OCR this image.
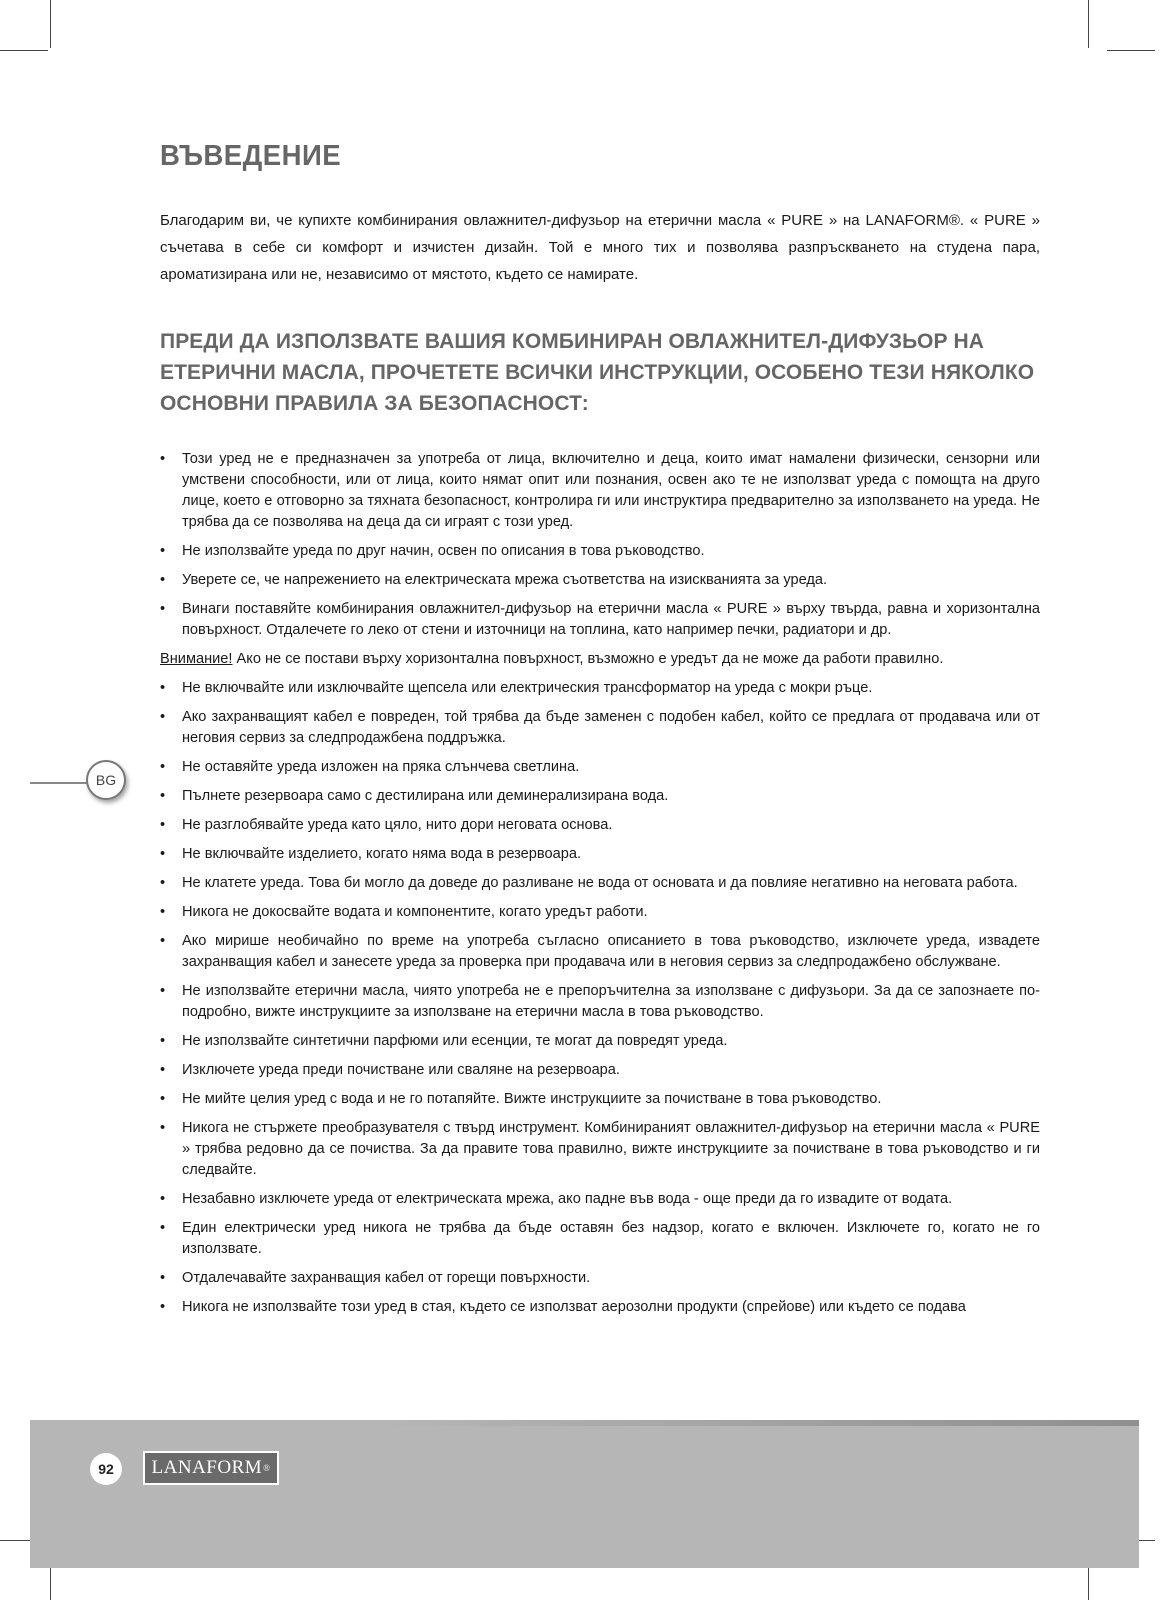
ВЪВЕДЕНИЕ

Благодарим ви, че купихте комбинирания овлажнител-дифузьор на етерични масла « PURE » на LANAFORM®. « PURE » съчетава в себе си комфорт и изчистен дизайн. Той е много тих и позволява разпръскването на студена пара, ароматизирана или не, независимо от мястото, където се намирате.

ПРЕДИ ДА ИЗПОЛЗВАТЕ ВАШИЯ КОМБИНИРАН ОВЛАЖНИТЕЛ-ДИФУЗЬОР НА ЕТЕРИЧНИ МАСЛА, ПРОЧЕТЕТЕ ВСИЧКИ ИНСТРУКЦИИ, ОСОБЕНО ТЕЗИ НЯКОЛКО ОСНОВНИ ПРАВИЛА ЗА БЕЗОПАСНОСТ:
• Този уред не е предназначен за употреба от лица, включително и деца, които имат намалени физически, сензорни или умствени способности, или от лица, които нямат опит или познания, освен ако те не използват уреда с помощта на друго лице, което е отговорно за тяхната безопасност, контролира ги или инструктира предварително за използването на уреда. Не трябва да се позволява на деца да си играят с този уред.
• Не използвайте уреда по друг начин, освен по описания в това ръководство.
• Уверете се, че напрежението на електрическата мрежа съответства на изискванията за уреда.
• Винаги поставяйте комбинирания овлажнител-дифузьор на етерични масла « PURE » върху твърда, равна и хоризонтална повърхност. Отдалечете го леко от стени и източници на топлина, като например печки, радиатори и др.
Внимание! Ако не се постави върху хоризонтална повърхност, възможно е уредът да не може да работи правилно.
• Не включвайте или изключвайте щепсела или електрическия трансформатор на уреда с мокри ръце.
• Ако захранващият кабел е повреден, той трябва да бъде заменен с подобен кабел, който се предлага от продавача или от неговия сервиз за следпродажбена поддръжка.
• Не оставяйте уреда изложен на пряка слънчева светлина.
• Пълнете резервоара само с дестилирана или деминерализирана вода.
• Не разглобявайте уреда като цяло, нито дори неговата основа.
• Не включвайте изделието, когато няма вода в резервоара.
• Не клатете уреда. Това би могло да доведе до разливане не вода от основата и да повлияе негативно на неговата работа.
• Никога не докосвайте водата и компонентите, когато уредът работи.
• Ако мирише необичайно по време на употреба съгласно описанието в това ръководство, изключете уреда, извадете захранващия кабел и занесете уреда за проверка при продавача или в неговия сервиз за следпродажбено обслужване.
• Не използвайте етерични масла, чиято употреба не е препоръчителна за използване с дифузьори. За да се запознаете по-подробно, вижте инструкциите за използване на етерични масла в това ръководство.
• Не използвайте синтетични парфюми или есенции, те могат да повредят уреда.
• Изключете уреда преди почистване или сваляне на резервоара.
• Не мийте целия уред с вода и не го потапяйте. Вижте инструкциите за почистване в това ръководство.
• Никога не стържете преобразувателя с твърд инструмент. Комбинираният овлажнител-дифузьор на етерични масла « PURE » трябва редовно да се почиства. За да правите това правилно, вижте инструкциите за почистване в това ръководство и ги следвайте.
• Незабавно изключете уреда от електрическата мрежа, ако падне във вода - още преди да го извадите от водата.
• Един електрически уред никога не трябва да бъде оставян без надзор, когато е включен. Изключете го, когато не го използвате.
• Отдалечавайте захранващия кабел от горещи повърхности.
• Никога не използвайте този уред в стая, където се използват аерозолни продукти (спрейове) или където се подава
BG
92	LANAFORM ®
